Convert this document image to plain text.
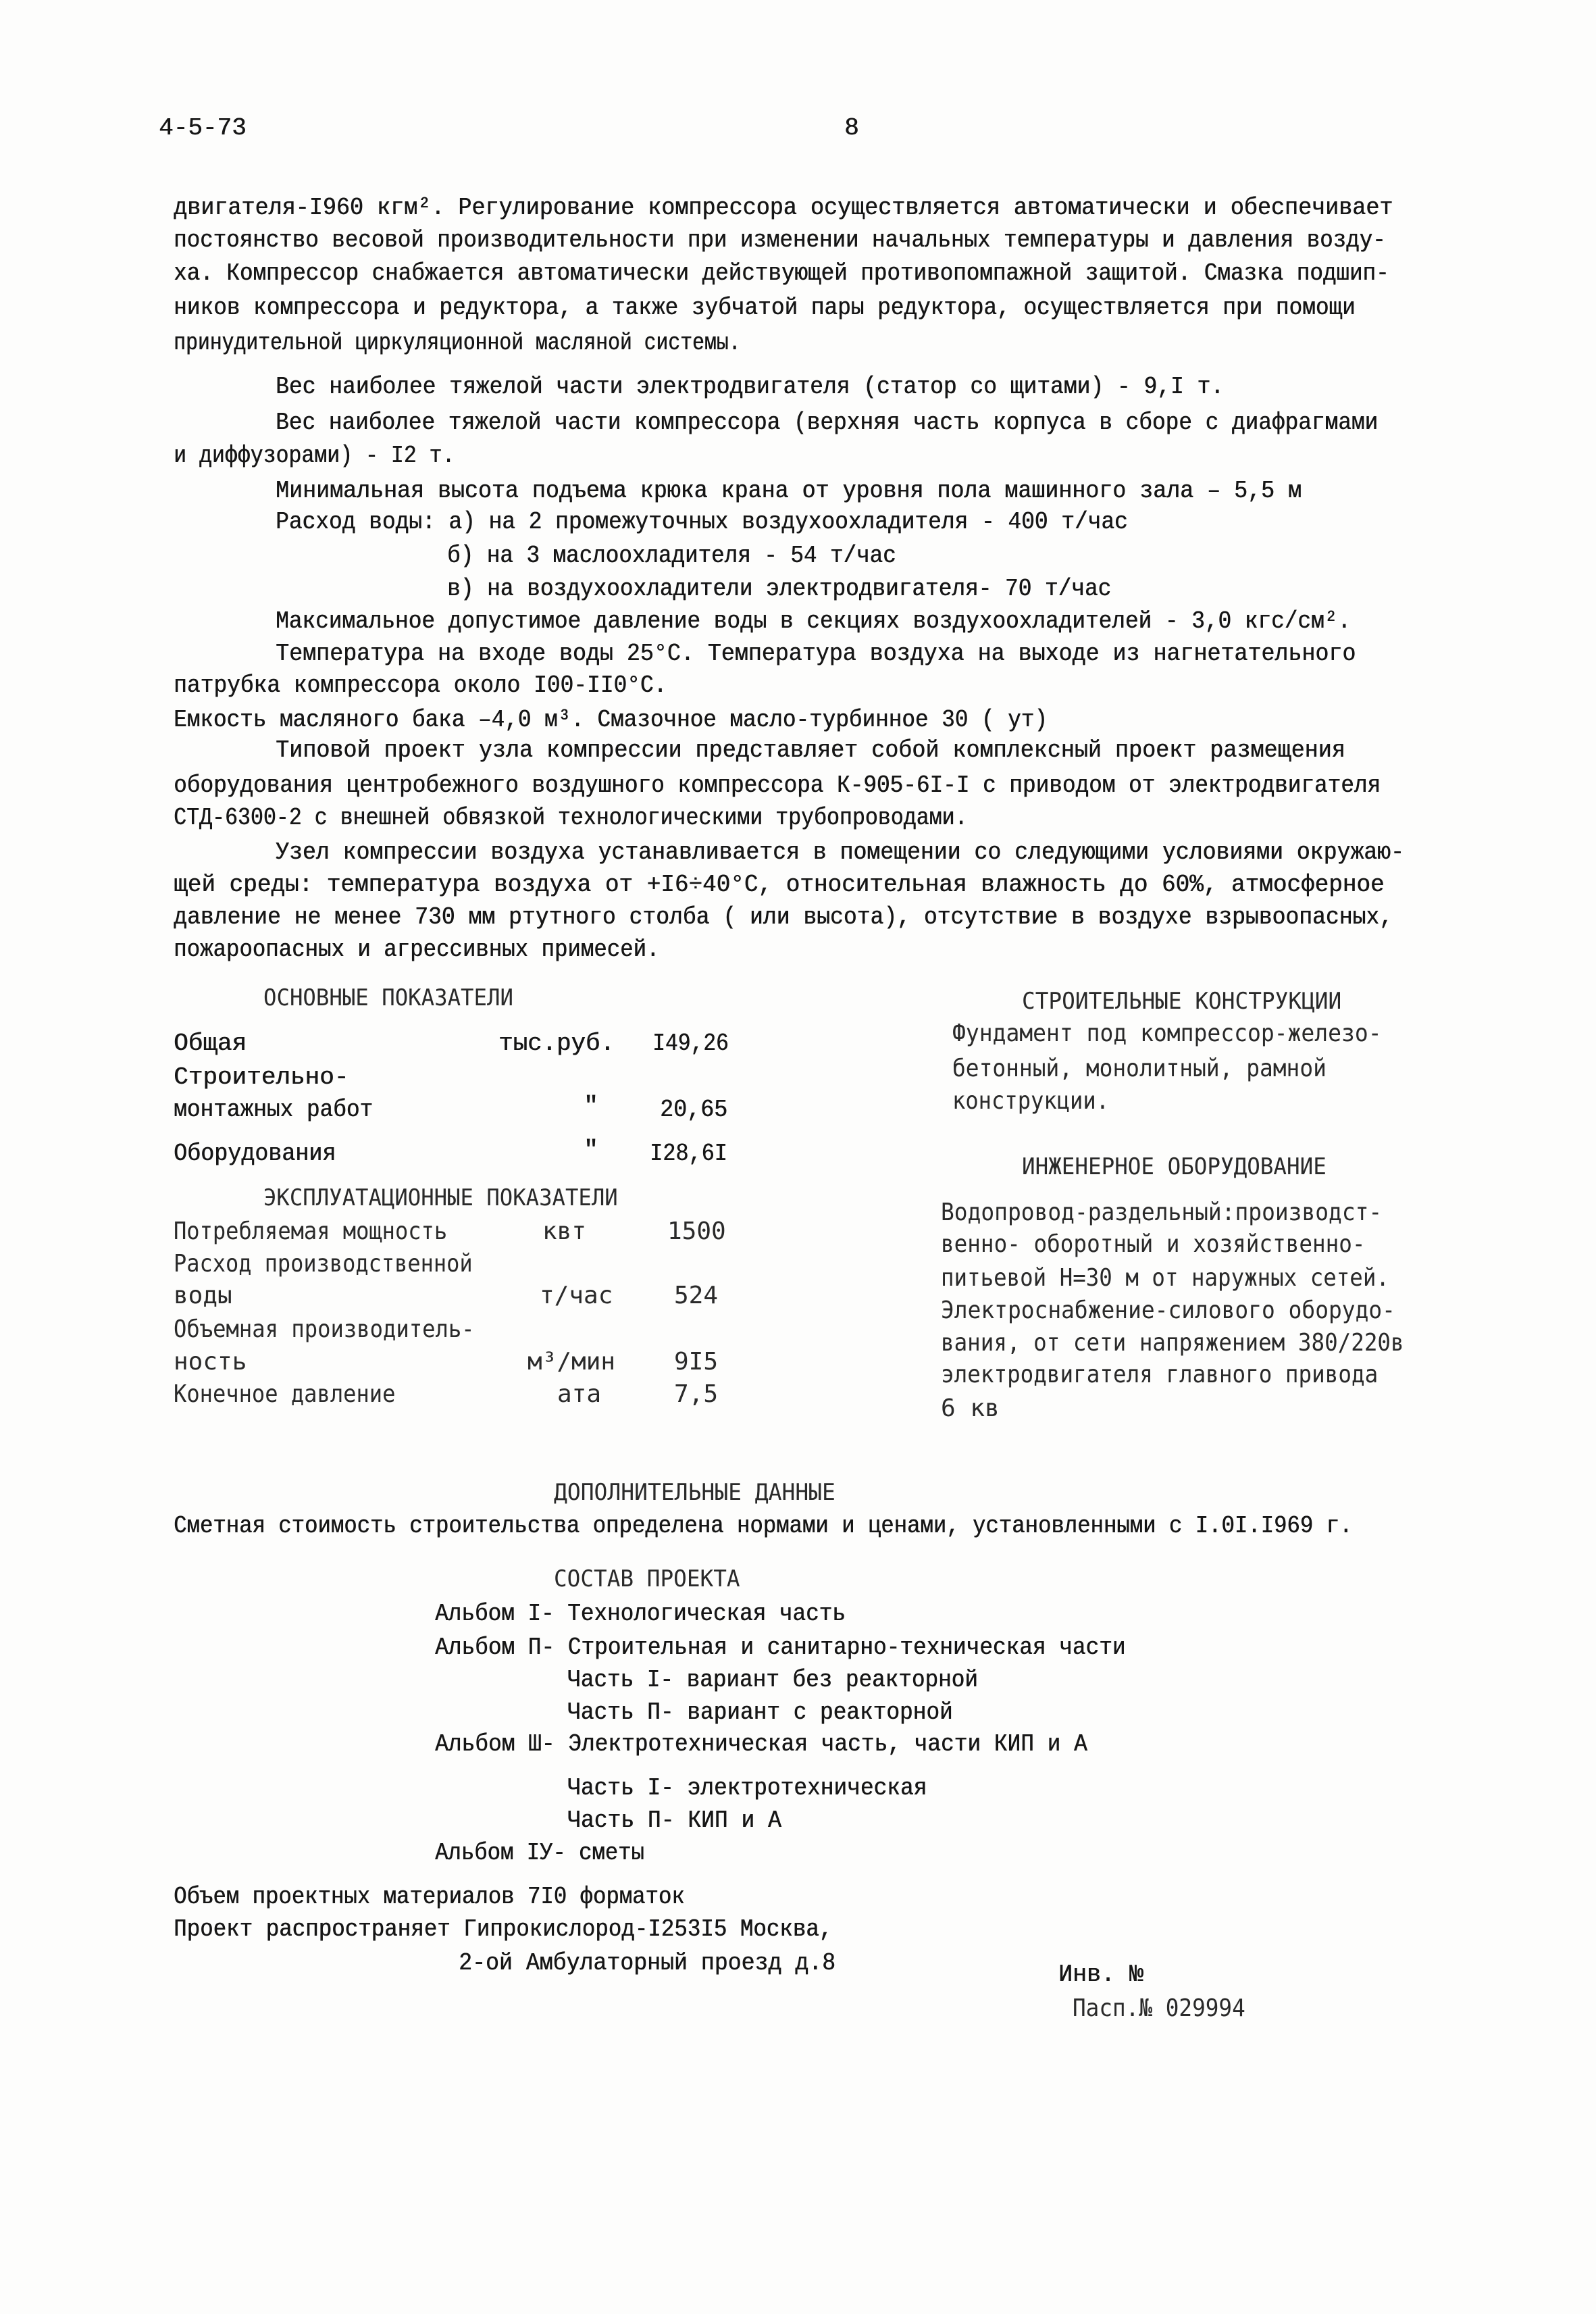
4-5-73	8
двигателя-I960 кгм². Регулирование компрессора осуществляется автоматически и обеспечивает
постоянство весовой производительности при изменении начальных температуры и давления возду-
ха. Компрессор снабжается автоматически действующей противопомпажной защитой. Смазка подшип-
ников компрессора и редуктора, а также зубчатой пары редуктора, осуществляется при помощи
принудительной циркуляционной масляной системы.
Вес наиболее тяжелой части электродвигателя (статор со щитами) - 9,I т.
Вес наиболее тяжелой части компрессора (верхняя часть корпуса в сборе с диафрагмами
и диффузорами) - I2 т.
Минимальная высота подъема крюка крана от уровня пола машинного зала – 5,5 м
Расход воды: а) на 2 промежуточных воздухоохладителя - 400 т/час
б) на 3 маслоохладителя - 54 т/час
в) на воздухоохладители электродвигателя- 70 т/час
Максимальное допустимое давление воды в секциях воздухоохладителей - 3,0 кгс/см².
Температура на входе воды 25°С. Температура воздуха на выходе из нагнетательного
патрубка компрессора около I00-II0°С.
Емкость масляного бака –4,0 м³. Смазочное масло-турбинное 30 ( ут)
Типовой проект узла компрессии представляет собой комплексный проект размещения
оборудования центробежного воздушного компрессора К-905-6I-I с приводом от электродвигателя
СТД-6300-2 с внешней обвязкой технологическими трубопроводами.
Узел компрессии воздуха устанавливается в помещении со следующими условиями окружаю-
щей среды: температура воздуха от +I6÷40°С, относительная влажность до 60%, атмосферное
давление не менее 730 мм ртутного столба ( или высота), отсутствие в воздухе взрывоопасных,
пожароопасных и агрессивных примесей.
ОСНОВНЫЕ ПОКАЗАТЕЛИ
Общая	тыс.руб. I49,26
Строительно-
монтажных работ	″	20,65
Оборудования	″ I28,6I
ЭКСПЛУАТАЦИОННЫЕ ПОКАЗАТЕЛИ
Потребляемая мощность	квт	1500
Расход производственной
воды	т/час	524
Объемная производитель-
ность	м³/мин 9I5
Конечное давление	ата	7,5
СТРОИТЕЛЬНЫЕ КОНСТРУКЦИИ
Фундамент под компрессор-железо-
бетонный, монолитный, рамной
конструкции.
ИНЖЕНЕРНОЕ ОБОРУДОВАНИЕ
Водопровод-раздельный:производст-
венно- оборотный и хозяйственно-
питьевой Н=30 м от наружных сетей.
Электроснабжение-силового оборудо-
вания, от сети напряжением 380/220в
электродвигателя главного привода
6 кв
ДОПОЛНИТЕЛЬНЫЕ ДАННЫЕ
Сметная стоимость строительства определена нормами и ценами, установленными с I.0I.I969 г.
СОСТАВ ПРОЕКТА
Альбом I- Технологическая часть
Альбом П- Строительная и санитарно-техническая части
Часть I- вариант без реакторной
Часть П- вариант с реакторной
Альбом Ш- Электротехническая часть, части КИП и А
Часть I- электротехническая
Часть П- КИП и А
Альбом IУ- сметы
Объем проектных материалов 7I0 форматок
Проект распространяет Гипрокислород-I253I5 Москва,
2-ой Амбулаторный проезд д.8	Инв. №
Пасп.№ 029994
